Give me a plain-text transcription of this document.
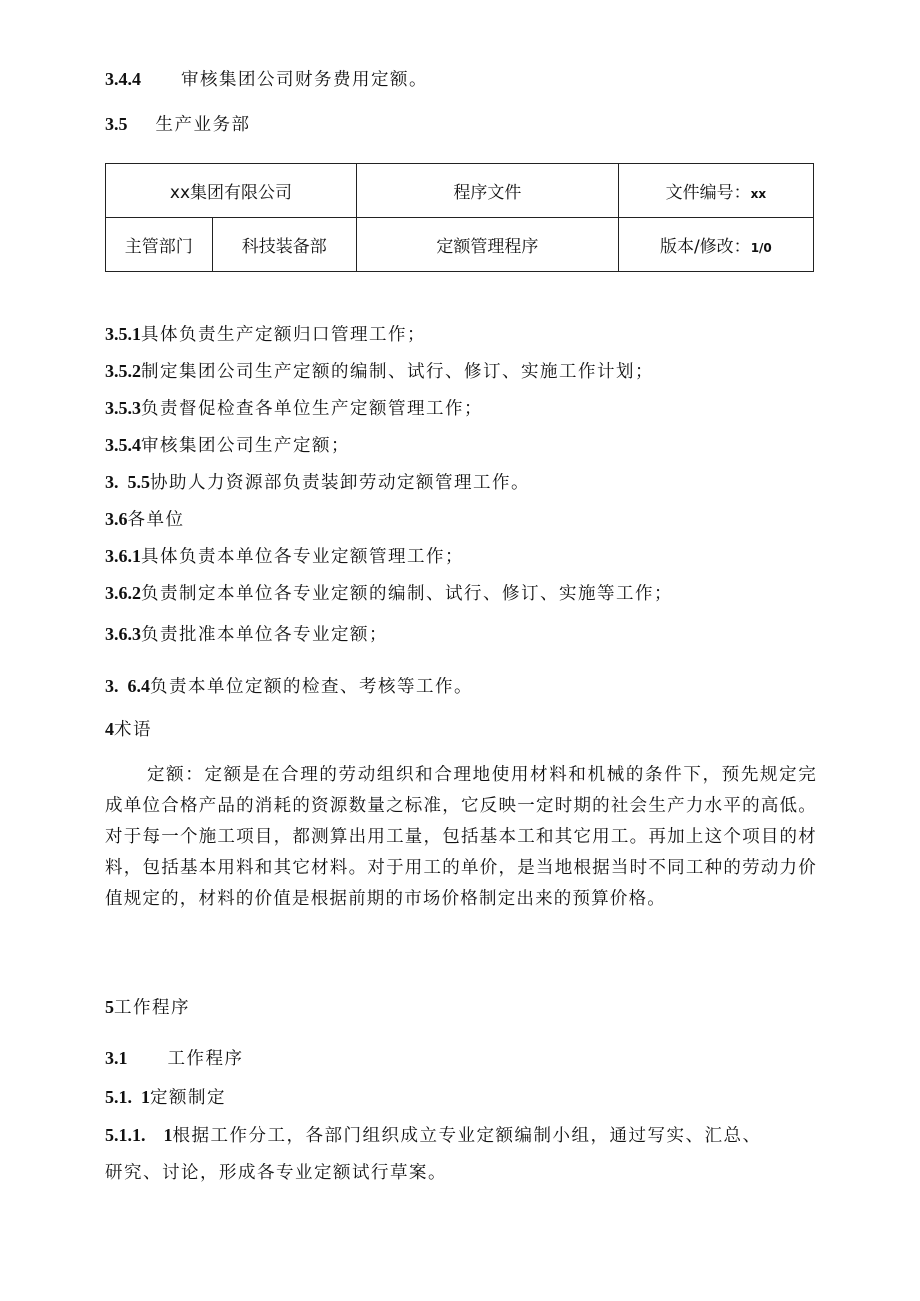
3.4.4 审核集团公司财务费用定额。
3.5 生产业务部
xx集团有限公司		程序文件	文件编号：xx
主管部门	科技装备部	定额管理程序	版本/修改：1/0
3.5.1具体负责生产定额归口管理工作；
3.5.2制定集团公司生产定额的编制、试行、修订、实施工作计划；
3.5.3负责督促检查各单位生产定额管理工作；
3.5.4审核集团公司生产定额；
3.  5.5协助人力资源部负责装卸劳动定额管理工作。
3.6各单位
3.6.1具体负责本单位各专业定额管理工作；
3.6.2负责制定本单位各专业定额的编制、试行、修订、实施等工作；
3.6.3负责批准本单位各专业定额；
3.  6.4负责本单位定额的检查、考核等工作。
4术语
定额：定额是在合理的劳动组织和合理地使用材料和机械的条件下，预先规定完成单位合格产品的消耗的资源数量之标准，它反映一定时期的社会生产力水平的高低。对于每一个施工项目，都测算出用工量，包括基本工和其它用工。再加上这个项目的材料，包括基本用料和其它材料。对于用工的单价，是当地根据当时不同工种的劳动力价值规定的，材料的价值是根据前期的市场价格制定出来的预算价格。
5工作程序
3.1 工作程序
5.1.  1定额制定
5.1.1.    1根据工作分工，各部门组织成立专业定额编制小组，通过写实、汇总、
研究、讨论，形成各专业定额试行草案。
